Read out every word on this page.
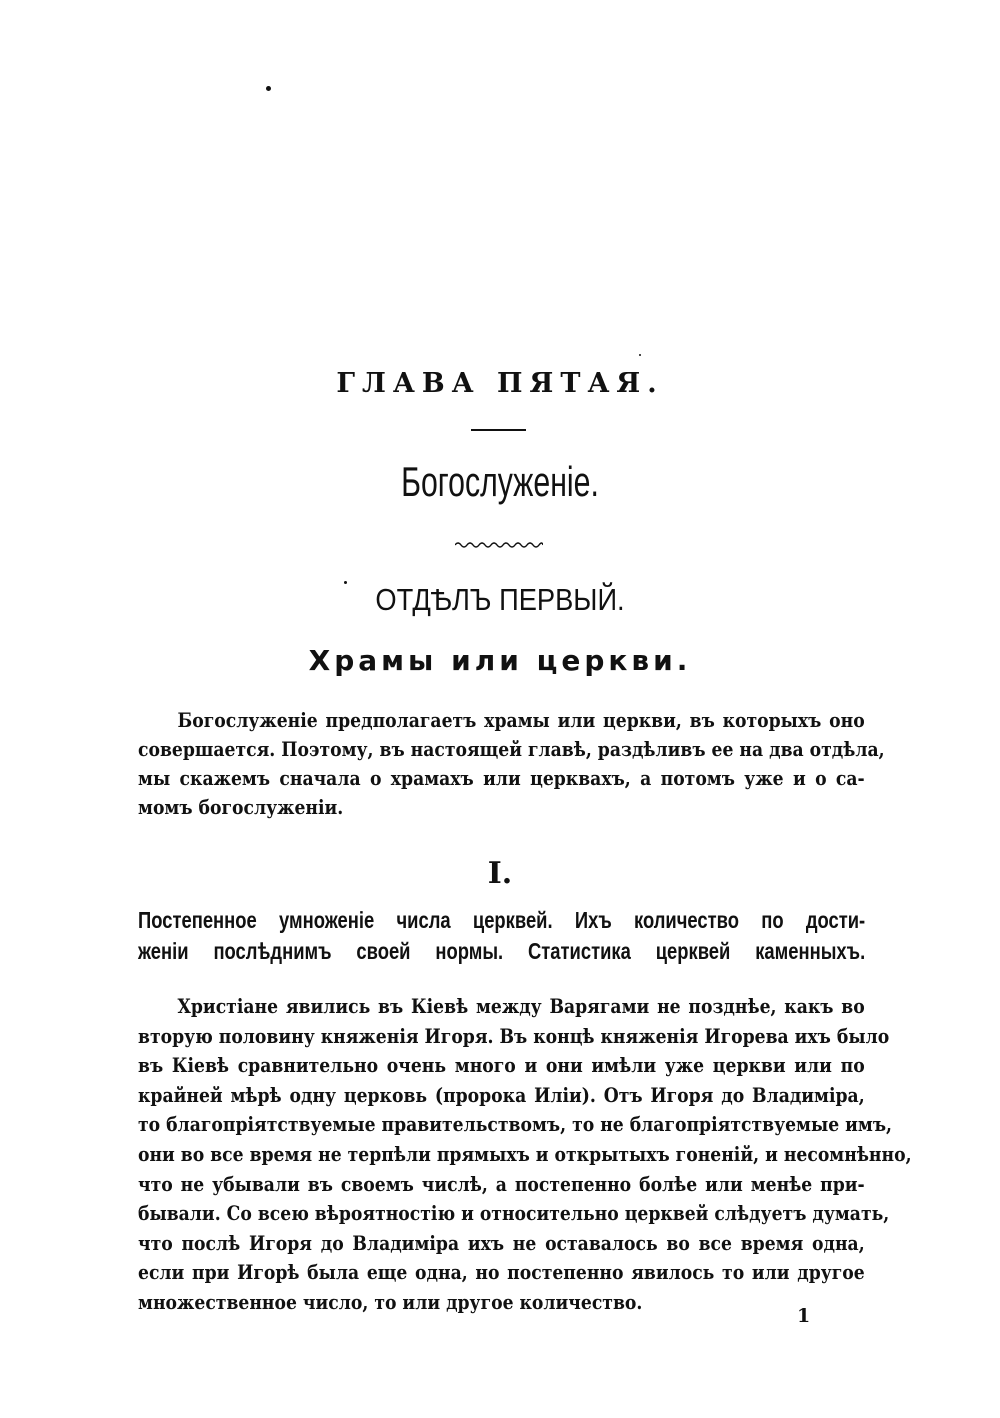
ГЛАВА ПЯТАЯ.
Богослуженіе.
ОТДѢЛЪ ПЕРВЫЙ.
Храмы или церкви.
Богослуженіе предполагаетъ храмы или церкви, въ которыхъ оно
совершается. Поэтому, въ настоящей главѣ, раздѣливъ ее на два отдѣла,
мы скажемъ сначала о храмахъ или церквахъ, а потомъ уже и о са-
момъ богослуженіи.
I.
Постепенное умноженіе числа церквей. Ихъ количество по дости-
женіи послѣднимъ своей нормы. Статистика церквей каменныхъ.
Христіане явились въ Кіевѣ между Варягами не позднѣе, какъ во
вторую половину княженія Игоря. Въ концѣ княженія Игорева ихъ было
въ Кіевѣ сравнительно очень много и они имѣли уже церкви или по
крайней мѣрѣ одну церковь (пророка Иліи). Отъ Игоря до Владиміра,
то благопріятствуемые правительствомъ, то не благопріятствуемые имъ,
они во все время не терпѣли прямыхъ и открытыхъ гоненій, и несомнѣнно,
что не убывали въ своемъ числѣ, а постепенно болѣе или менѣе при-
бывали. Со всею вѣроятностію и относительно церквей слѣдуетъ думать,
что послѣ Игоря до Владиміра ихъ не оставалось во все время одна,
если при Игорѣ была еще одна, но постепенно явилось то или другое
множественное число, то или другое количество.
1
